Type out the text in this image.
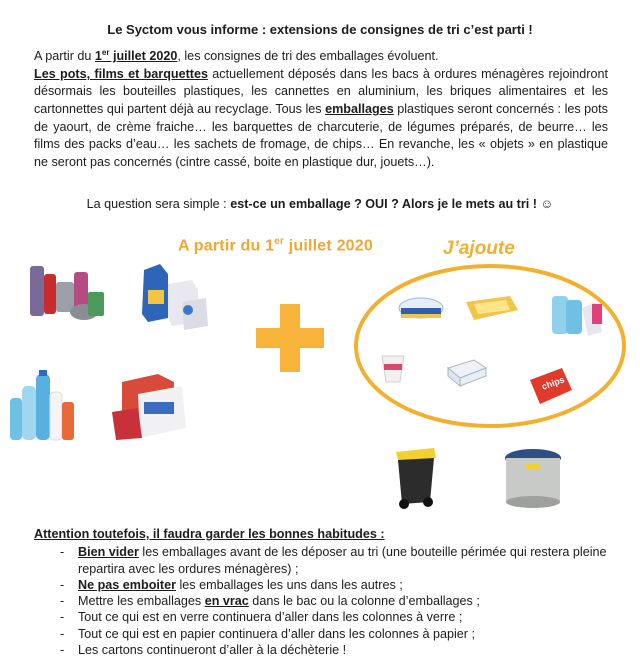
Le Syctom vous informe : extensions de consignes de tri c’est parti !
A partir du 1er juillet 2020, les consignes de tri des emballages évoluent.
Les pots, films et barquettes actuellement déposés dans les bacs à ordures ménagères rejoindront désormais les bouteilles plastiques, les cannettes en aluminium, les briques alimentaires et les cartonnettes qui partent déjà au recyclage. Tous les emballages plastiques seront concernés : les pots de yaourt, de crème fraiche… les barquettes de charcuterie, de légumes préparés, de beurre… les films des packs d’eau… les sachets de fromage, de chips… En revanche, les « objets » en plastique ne seront pas concernés (cintre cassé, boite en plastique dur, jouets…).
La question sera simple : est-ce un emballage ? OUI ? Alors je le mets au tri ! ☺
A partir du 1er juillet 2020	J’ajoute
chips
Attention toutefois, il faudra garder les bonnes habitudes :
- Bien vider les emballages avant de les déposer au tri (une bouteille périmée qui restera pleine repartira avec les ordures ménagères) ;
- Ne pas emboiter les emballages les uns dans les autres ;
- Mettre les emballages en vrac dans le bac ou la colonne d’emballages ;
- Tout ce qui est en verre continuera d’aller dans les colonnes à verre ;
- Tout ce qui est en papier continuera d’aller dans les colonnes à papier ;
- Les cartons continueront d’aller à la déchèterie !
